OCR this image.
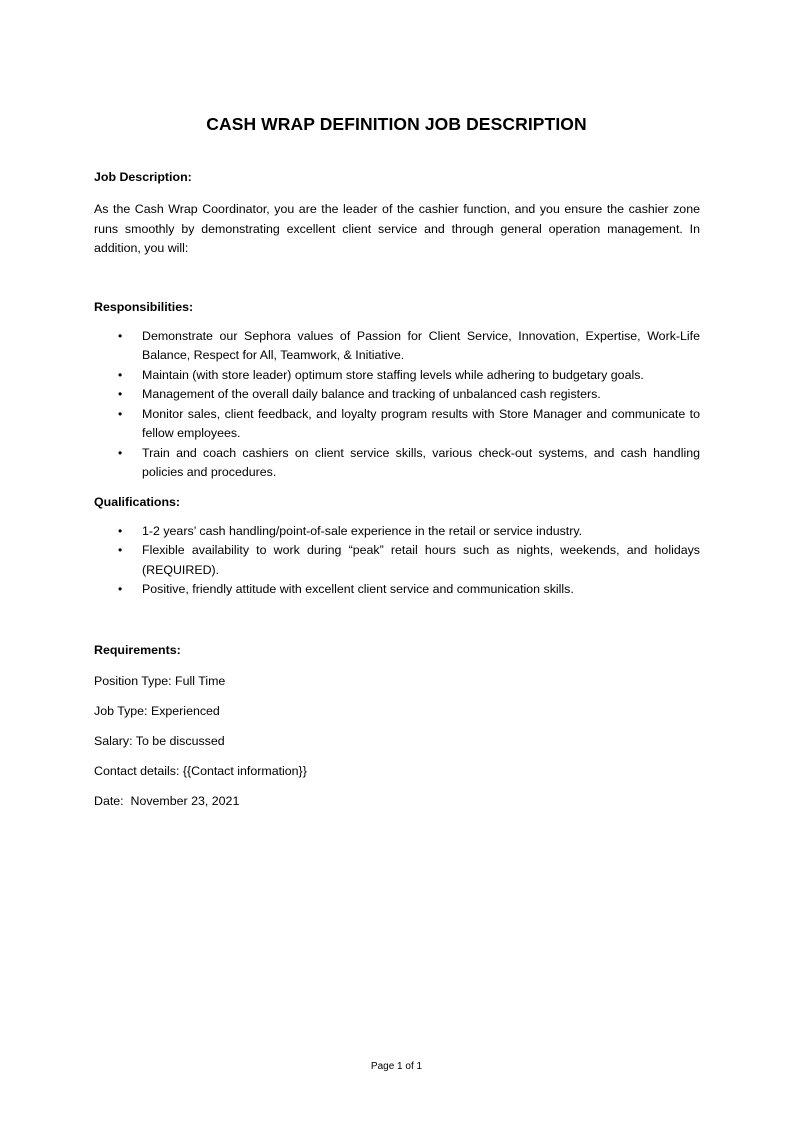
CASH WRAP DEFINITION JOB DESCRIPTION

Job Description:

As the Cash Wrap Coordinator, you are the leader of the cashier function, and you ensure the cashier zone runs smoothly by demonstrating excellent client service and through general operation management. In addition, you will:

Responsibilities:

• Demonstrate our Sephora values of Passion for Client Service, Innovation, Expertise, Work-Life Balance, Respect for All, Teamwork, & Initiative.
• Maintain (with store leader) optimum store staffing levels while adhering to budgetary goals.
• Management of the overall daily balance and tracking of unbalanced cash registers.
• Monitor sales, client feedback, and loyalty program results with Store Manager and communicate to fellow employees.
• Train and coach cashiers on client service skills, various check-out systems, and cash handling policies and procedures.

Qualifications:

• 1-2 years’ cash handling/point-of-sale experience in the retail or service industry.
• Flexible availability to work during “peak” retail hours such as nights, weekends, and holidays (REQUIRED).
• Positive, friendly attitude with excellent client service and communication skills.

Requirements:

Position Type: Full Time

Job Type: Experienced

Salary: To be discussed

Contact details: {{Contact information}}

Date:  November 23, 2021

Page 1 of 1
